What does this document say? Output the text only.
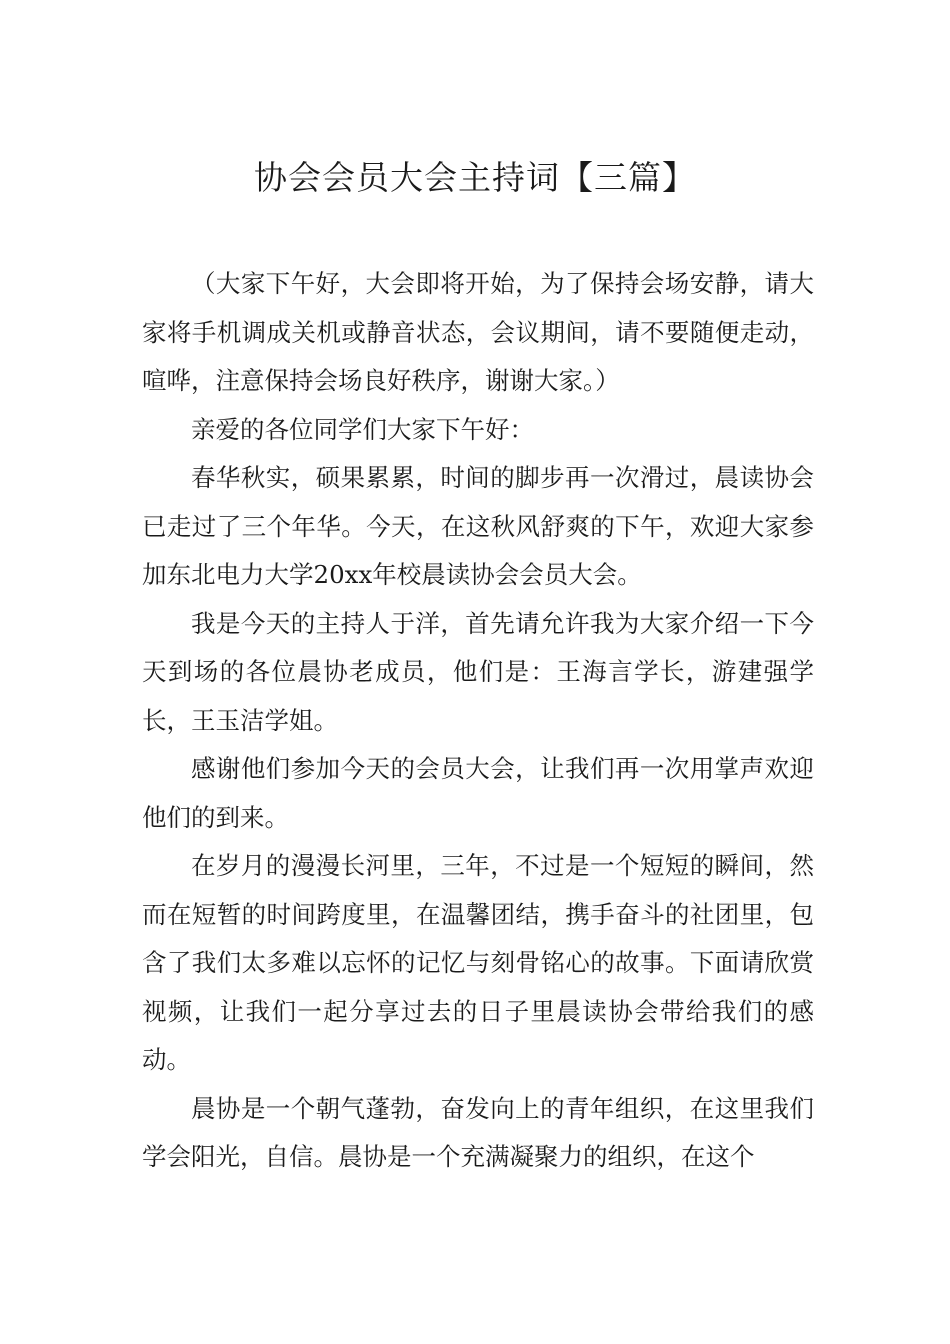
协会会员大会主持词【三篇】

（大家下午好，大会即将开始，为了保持会场安静，请大家将手机调成关机或静音状态，会议期间，请不要随便走动，喧哗，注意保持会场良好秩序，谢谢大家。）

亲爱的各位同学们大家下午好：

春华秋实，硕果累累，时间的脚步再一次滑过，晨读协会已走过了三个年华。今天，在这秋风舒爽的下午，欢迎大家参加东北电力大学20xx年校晨读协会会员大会。

我是今天的主持人于洋，首先请允许我为大家介绍一下今天到场的各位晨协老成员，他们是：王海言学长，游建强学长，王玉洁学姐。

感谢他们参加今天的会员大会，让我们再一次用掌声欢迎他们的到来。

在岁月的漫漫长河里，三年，不过是一个短短的瞬间，然而在短暂的时间跨度里，在温馨团结，携手奋斗的社团里，包含了我们太多难以忘怀的记忆与刻骨铭心的故事。下面请欣赏视频，让我们一起分享过去的日子里晨读协会带给我们的感动。

晨协是一个朝气蓬勃，奋发向上的青年组织，在这里我们学会阳光，自信。晨协是一个充满凝聚力的组织，在这个
